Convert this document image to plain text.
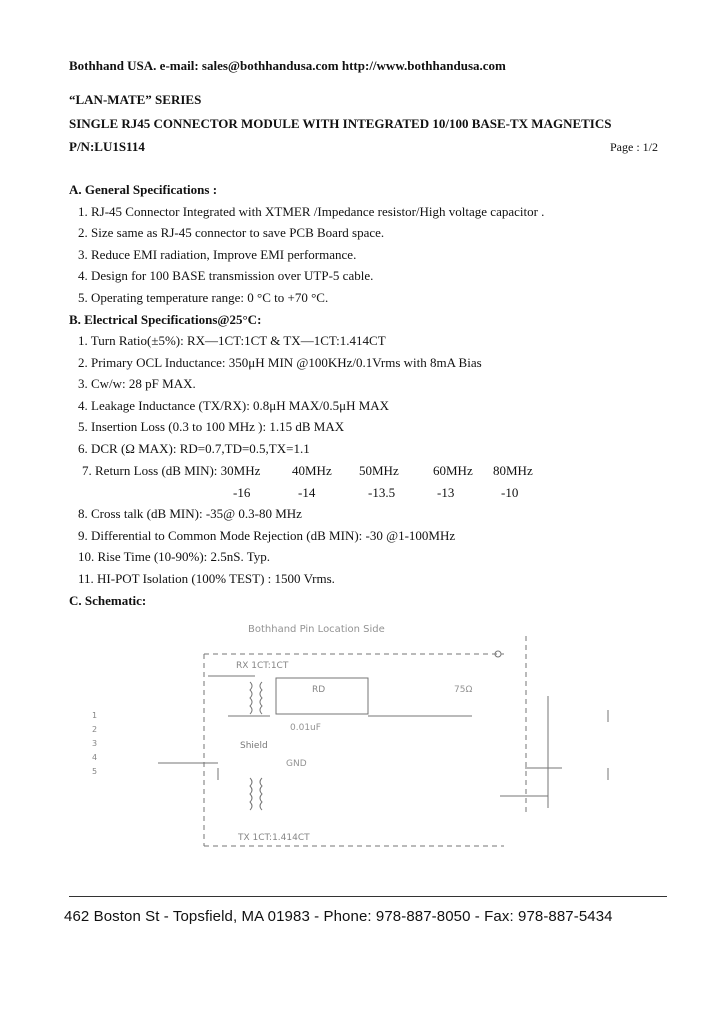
Bothhand USA. e-mail: sales@bothhandusa.com http://www.bothhandusa.com
“LAN-MATE” SERIES
SINGLE RJ45 CONNECTOR MODULE WITH INTEGRATED 10/100 BASE-TX MAGNETICS
P/N:LU1S114	Page : 1/2
A. General Specifications :
1. RJ-45 Connector Integrated with XTMER /Impedance resistor/High voltage capacitor .
2. Size same as RJ-45 connector to save PCB Board space.
3. Reduce EMI radiation, Improve EMI performance.
4. Design for 100 BASE transmission over UTP-5 cable.
5. Operating temperature range: 0 °C to +70 °C.
B. Electrical Specifications@25°C:
1. Turn Ratio(±5%): RX—1CT:1CT & TX—1CT:1.414CT
2. Primary OCL Inductance: 350μH MIN @100KHz/0.1Vrms with 8mA Bias
3. Cw/w: 28 pF MAX.
4. Leakage Inductance (TX/RX): 0.8μH MAX/0.5μH MAX
5. Insertion Loss (0.3 to 100 MHz ): 1.15 dB MAX
6. DCR (Ω MAX): RD=0.7,TD=0.5,TX=1.1
7. Return Loss (dB MIN): 30MHz 40MHz 50MHz	60MHz 80MHz
-16	-14	-13.5	-13	-10
8. Cross talk (dB MIN): -35@ 0.3-80 MHz
9. Differential to Common Mode Rejection (dB MIN): -30 @1-100MHz
10. Rise Time (10-90%): 2.5nS. Typ.
11. HI-POT Isolation (100% TEST) : 1500 Vrms.
C. Schematic:
Bothhand Pin Location Side
RX 1CT:1CT
RD
0.01uF
75Ω
Shield
GND
TX 1CT:1.414CT
1 2 3 4 5
462 Boston St - Topsfield, MA 01983 - Phone: 978-887-8050 - Fax: 978-887-5434
